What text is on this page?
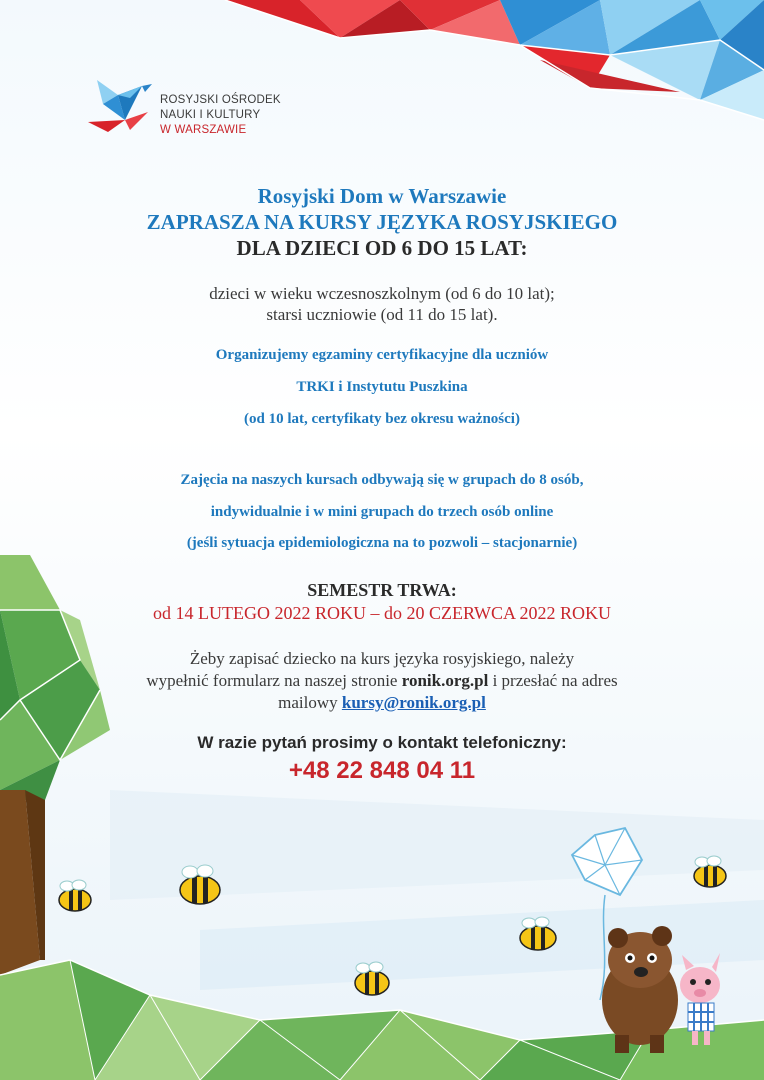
ROSYJSKI OŚRODEK
NAUKI I KULTURY
W WARSZAWIE
Rosyjski Dom w Warszawie
ZAPRASZA NA KURSY JĘZYKA ROSYJSKIEGO
DLA DZIECI OD 6 DO 15 LAT:
dzieci w wieku wczesnoszkolnym (od 6 do 10 lat);
starsi uczniowie (od 11 do 15 lat).
Organizujemy egzaminy certyfikacyjne dla uczniów
TRKI i Instytutu Puszkina
(od 10 lat, certyfikaty bez okresu ważności)
Zajęcia na naszych kursach odbywają się w grupach do 8 osób,
indywidualnie i w mini grupach do trzech osób online
(jeśli sytuacja epidemiologiczna na to pozwoli – stacjonarnie)
SEMESTR TRWA:
od 14 LUTEGO 2022 ROKU – do 20 CZERWCA 2022 ROKU
Żeby zapisać dziecko na kurs języka rosyjskiego, należy
wypełnić formularz na naszej stronie ronik.org.pl i przesłać na adres
mailowy kursy@ronik.org.pl
W razie pytań prosimy o kontakt telefoniczny:
+48 22 848 04 11
